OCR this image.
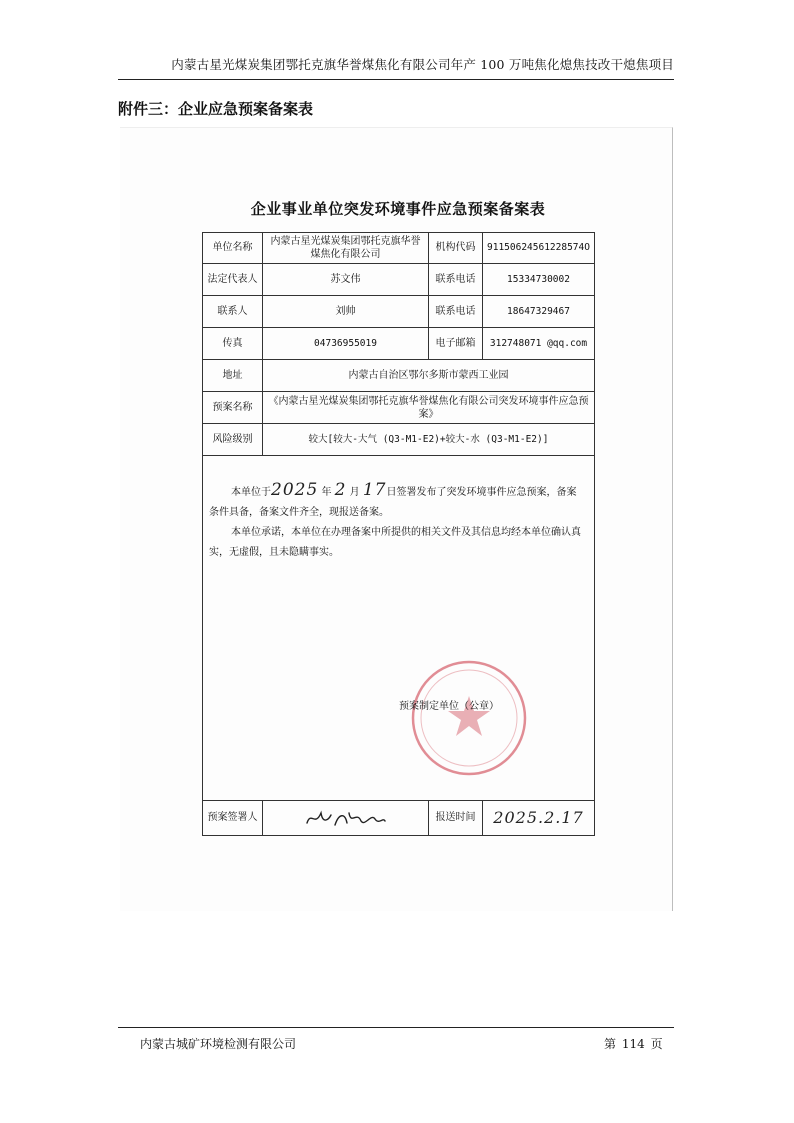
内蒙古星光煤炭集团鄂托克旗华誉煤焦化有限公司年产 100 万吨焦化熄焦技改干熄焦项目
附件三：企业应急预案备案表
企业事业单位突发环境事件应急预案备案表
单位名称	内蒙古星光煤炭集团鄂托克旗华誉煤焦化有限公司	机构代码	91150624561228574O
法定代表人	苏文伟	联系电话	15334730002
联系人	刘帅	联系电话	18647329467
传真	04736955019	电子邮箱	312748071 @qq.com
地址	内蒙古自治区鄂尔多斯市蒙西工业园		
预案名称	《内蒙古星光煤炭集团鄂托克旗华誉煤焦化有限公司突发环境事件应急预案》		
风险级别	较大[较大-大气 (Q3-M1-E2)+较大-水 (Q3-M1-E2)]		

本单位于2025 年 2 月 17日签署发布了突发环境事件应急预案，备案条件具备，备案文件齐全，现报送备案。

本单位承诺，本单位在办理备案中所提供的相关文件及其信息均经本单位确认真实，无虚假，且未隐瞒事实。

预案制定单位（公章）			

预案签署人		报送时间	2025.2.17
内蒙古城矿环境检测有限公司	第 114 页
